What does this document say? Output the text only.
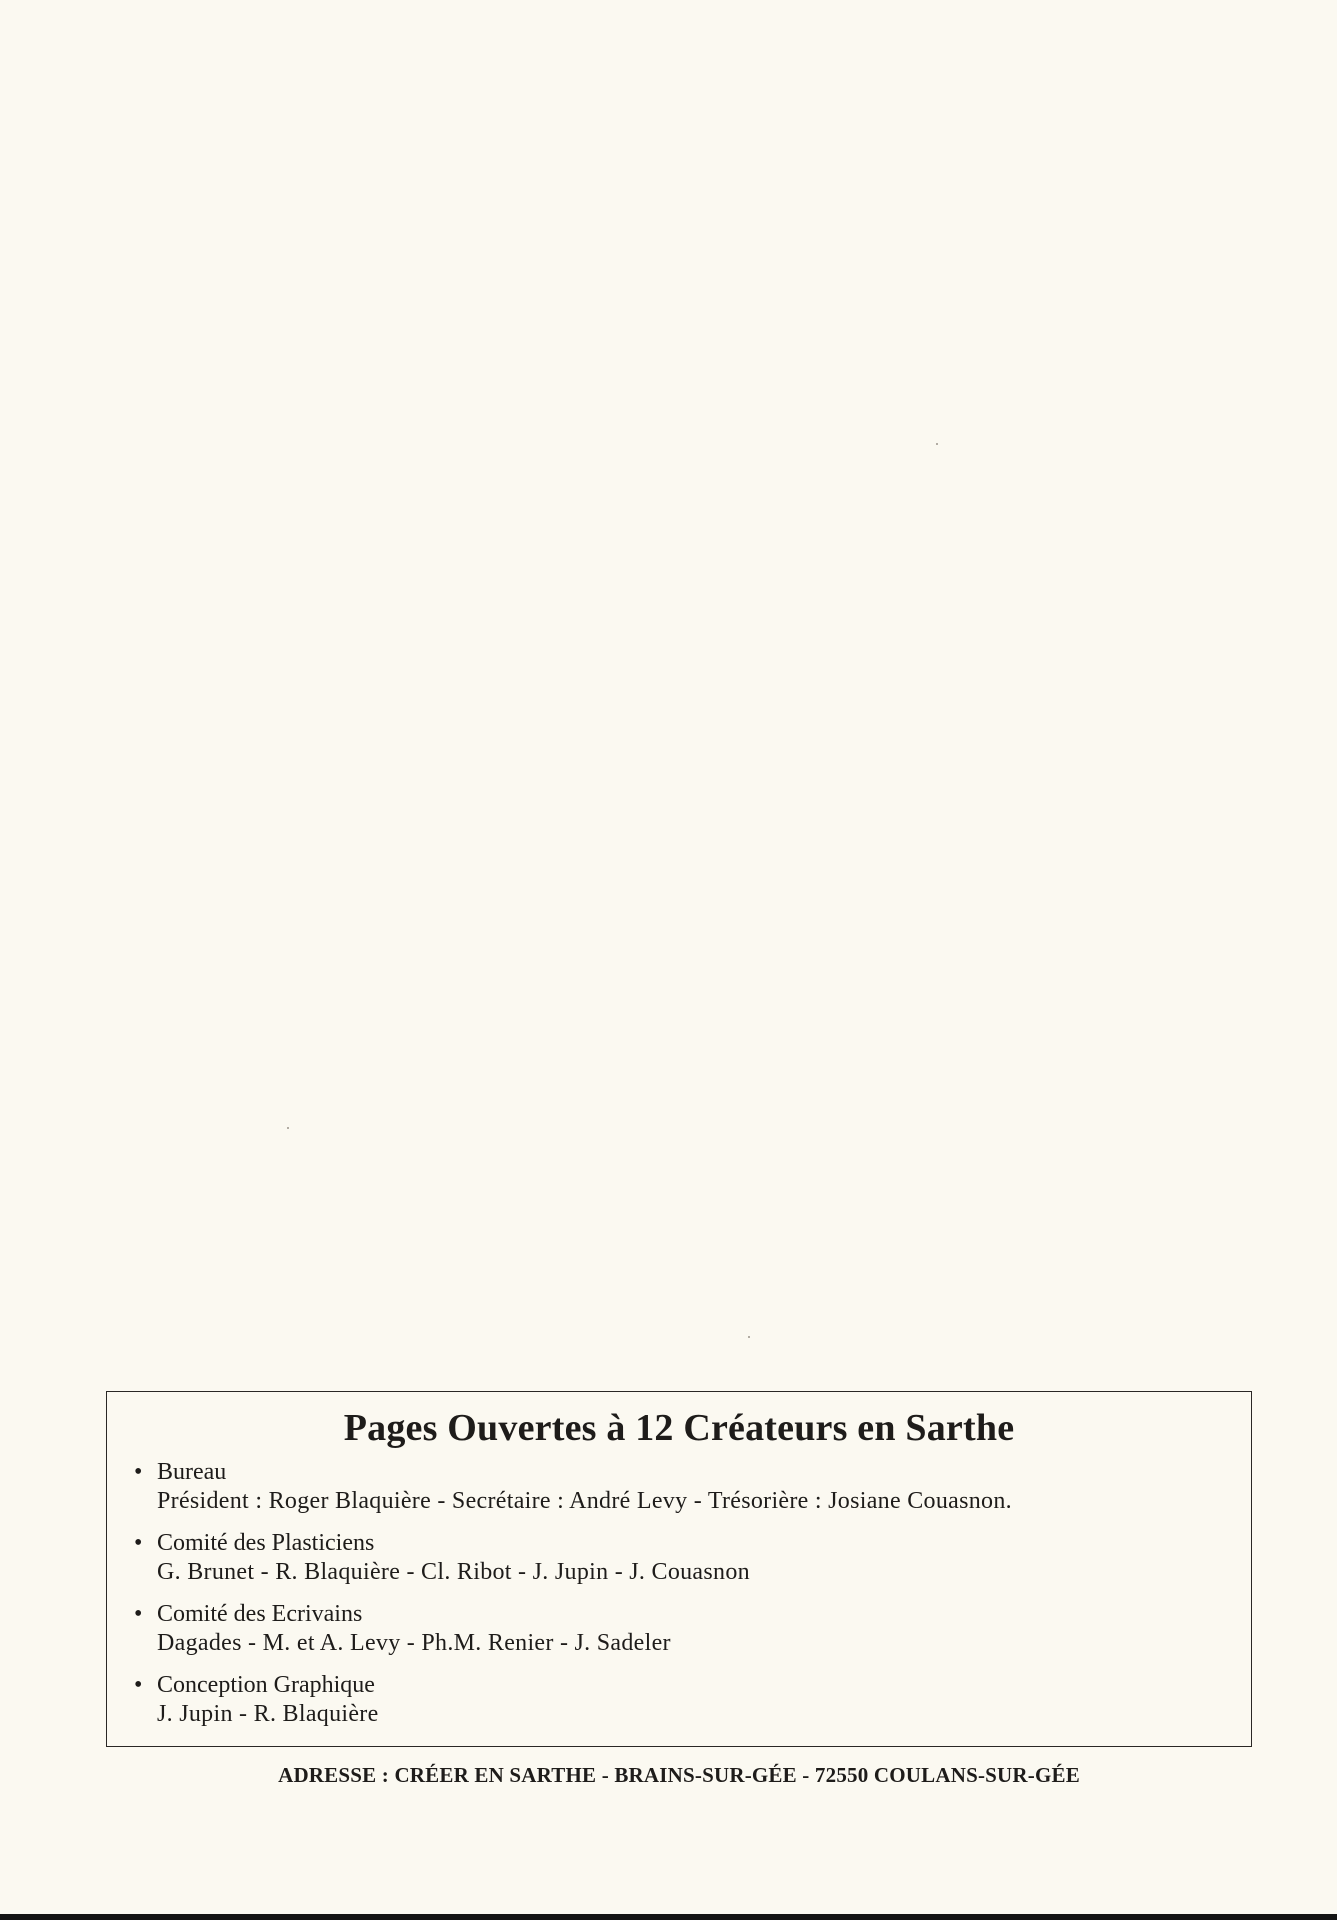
Pages Ouvertes à 12 Créateurs en Sarthe
• Bureau
Président : Roger Blaquière - Secrétaire : André Levy - Trésorière : Josiane Couasnon.
• Comité des Plasticiens
G. Brunet - R. Blaquière - Cl. Ribot - J. Jupin - J. Couasnon
• Comité des Ecrivains
Dagades - M. et A. Levy - Ph.M. Renier - J. Sadeler
• Conception Graphique
J. Jupin - R. Blaquière
ADRESSE : CRÉER EN SARTHE - BRAINS-SUR-GÉE - 72550 COULANS-SUR-GÉE
